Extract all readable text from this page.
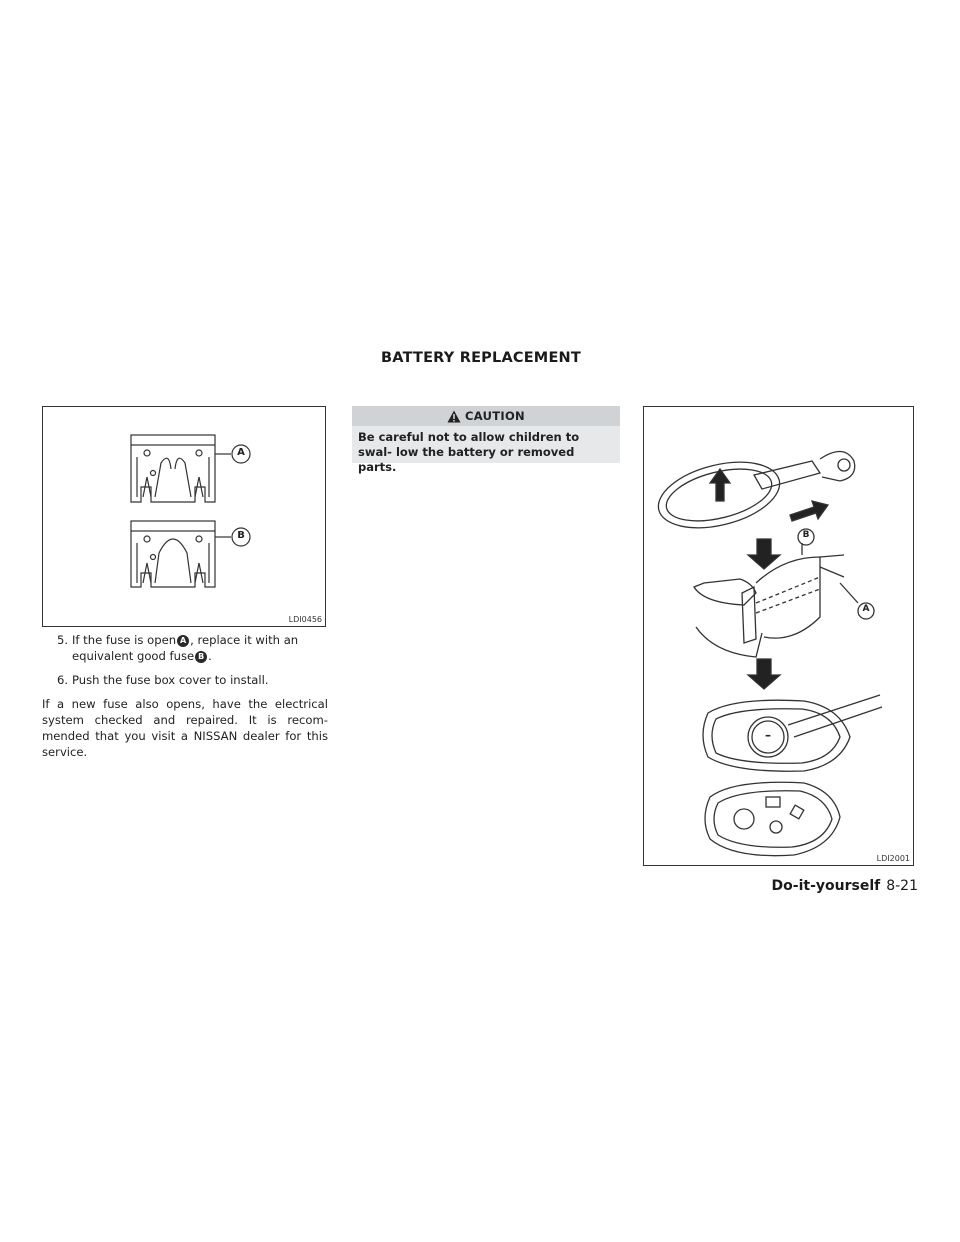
BATTERY REPLACEMENT
A
B
LDI0456
5. If the fuse is open A , replace it with an equivalent good fuse B .
6. Push the fuse box cover to install.

If a new fuse also opens, have the electrical system checked and repaired. It is recom- mended that you visit a NISSAN dealer for this service.

CAUTION
Be careful not to allow children to swal- low the battery or removed parts.
B
A
–
LDI2001
Do-it-yourself 8-21
